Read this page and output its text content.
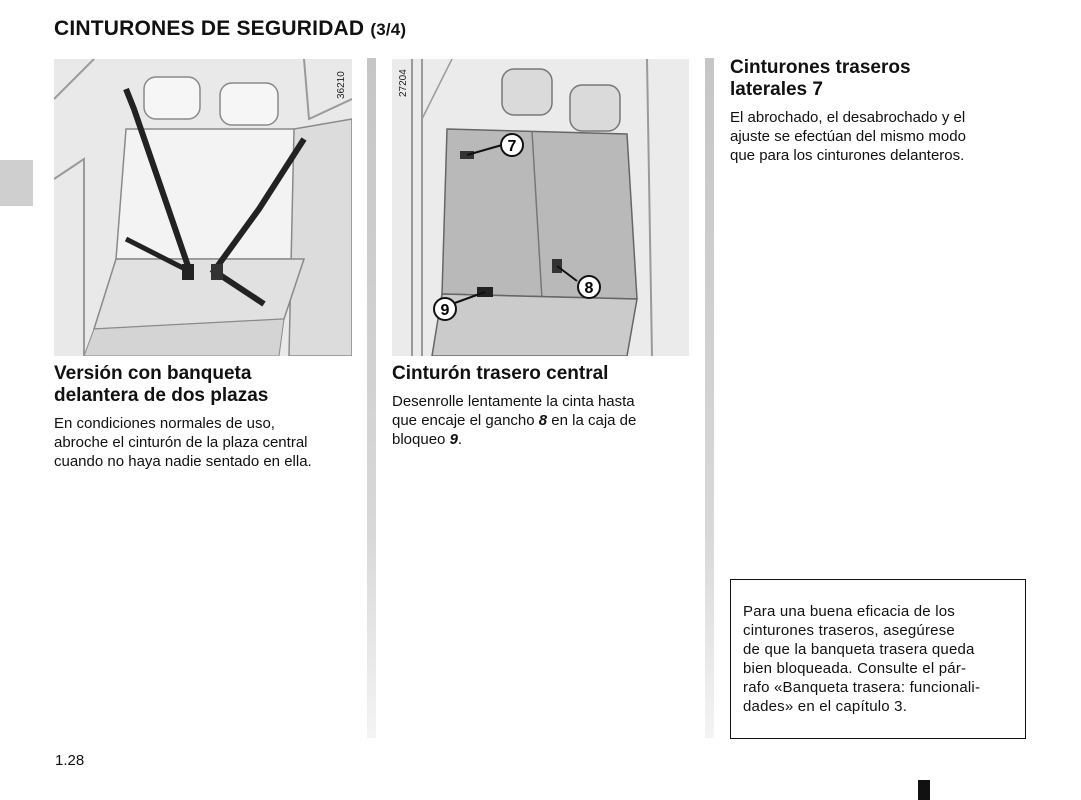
CINTURONES DE SEGURIDAD (3/4)
36210
7
8
9
27204
Versión con banqueta
delantera de dos plazas
En condiciones normales de uso,
abroche el cinturón de la plaza central
cuando no haya nadie sentado en ella.
Cinturón trasero central
Desenrolle lentamente la cinta hasta
que encaje el gancho 8 en la caja de
bloqueo 9.
Cinturones traseros
laterales 7
El abrochado, el desabrochado y el
ajuste se efectúan del mismo modo
que para los cinturones delanteros.
Para una buena eficacia de los
cinturones traseros, asegúrese
de que la banqueta trasera queda
bien bloqueada. Consulte el pár-
rafo «Banqueta trasera: funcionali-
dades» en el capítulo 3.
1.28
